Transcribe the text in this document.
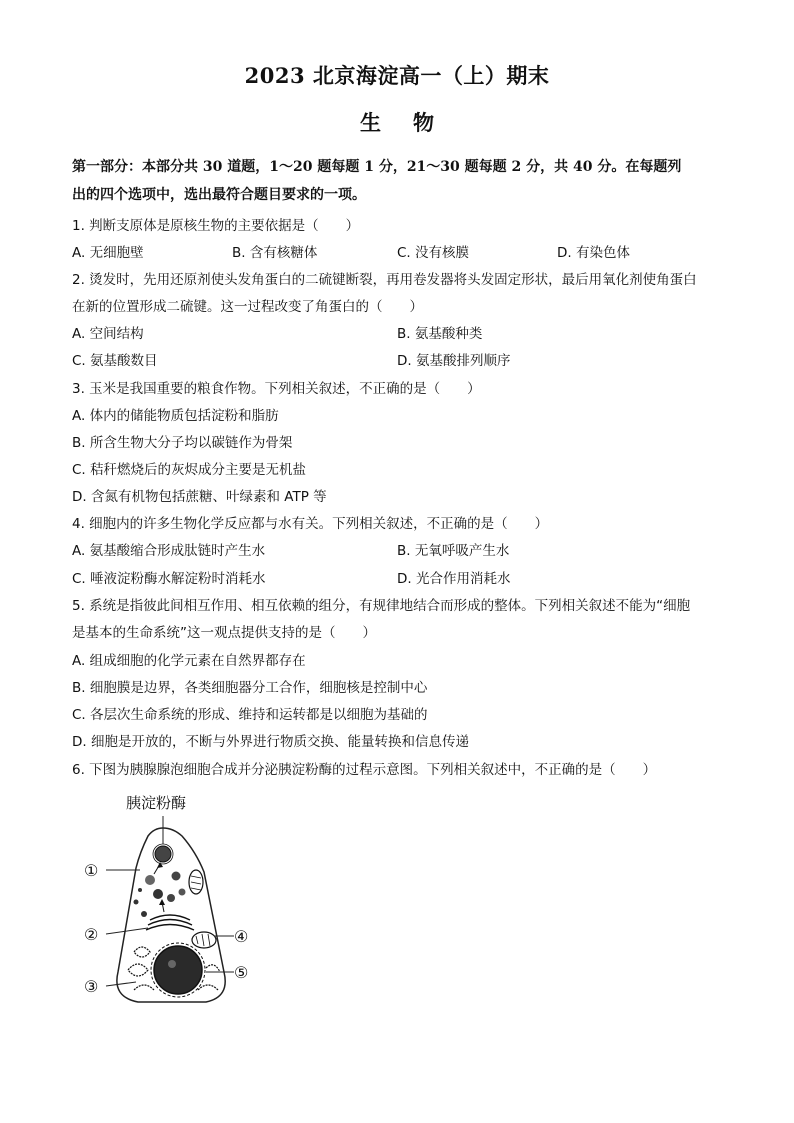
2023 北京海淀高一（上）期末
生 物
第一部分：本部分共 30 道题，1～20 题每题 1 分，21～30 题每题 2 分，共 40 分。在每题列
出的四个选项中，选出最符合题目要求的一项。
1. 判断支原体是原核生物的主要依据是（　　）
A. 无细胞壁	B. 含有核糖体	C. 没有核膜	D. 有染色体
2. 烫发时，先用还原剂使头发角蛋白的二硫键断裂，再用卷发器将头发固定形状，最后用氧化剂使角蛋白
在新的位置形成二硫键。这一过程改变了角蛋白的（　　）
A. 空间结构	B. 氨基酸种类
C. 氨基酸数目	D. 氨基酸排列顺序
3. 玉米是我国重要的粮食作物。下列相关叙述，不正确的是（　　）
A. 体内的储能物质包括淀粉和脂肪
B. 所含生物大分子均以碳链作为骨架
C. 秸秆燃烧后的灰烬成分主要是无机盐
D. 含氮有机物包括蔗糖、叶绿素和 ATP 等
4. 细胞内的许多生物化学反应都与水有关。下列相关叙述，不正确的是（　　）
A. 氨基酸缩合形成肽链时产生水	B. 无氧呼吸产生水
C. 唾液淀粉酶水解淀粉时消耗水	D. 光合作用消耗水
5. 系统是指彼此间相互作用、相互依赖的组分，有规律地结合而形成的整体。下列相关叙述不能为“细胞
是基本的生命系统”这一观点提供支持的是（　　）
A. 组成细胞的化学元素在自然界都存在
B. 细胞膜是边界，各类细胞器分工合作，细胞核是控制中心
C. 各层次生命系统的形成、维持和运转都是以细胞为基础的
D. 细胞是开放的，不断与外界进行物质交换、能量转换和信息传递
6. 下图为胰腺腺泡细胞合成并分泌胰淀粉酶的过程示意图。下列相关叙述中，不正确的是（　　）
胰淀粉酶
①
②
③
④
⑤
